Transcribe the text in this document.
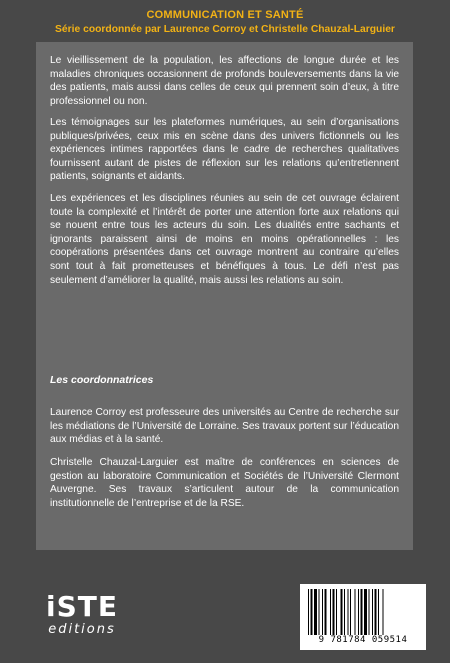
COMMUNICATION ET SANTÉ
Série coordonnée par Laurence Corroy et Christelle Chauzal-Larguier
Le vieillissement de la population, les affections de longue durée et les maladies chroniques occasionnent de profonds bouleversements dans la vie des patients, mais aussi dans celles de ceux qui prennent soin d’eux, à titre professionnel ou non.
Les témoignages sur les plateformes numériques, au sein d’organisations publiques/privées, ceux mis en scène dans des univers fictionnels ou les expériences intimes rapportées dans le cadre de recherches qualitatives fournissent autant de pistes de réflexion sur les relations qu’entretiennent patients, soignants et aidants.
Les expériences et les disciplines réunies au sein de cet ouvrage éclairent toute la complexité et l’intérêt de porter une attention forte aux relations qui se nouent entre tous les acteurs du soin. Les dualités entre sachants et ignorants paraissent ainsi de moins en moins opérationnelles : les coopérations présentées dans cet ouvrage montrent au contraire qu’elles sont tout à fait prometteuses et bénéfiques à tous. Le défi n’est pas seulement d’améliorer la qualité, mais aussi les relations au soin.
Les coordonnatrices
Laurence Corroy est professeure des universités au Centre de recherche sur les médiations de l’Université de Lorraine. Ses travaux portent sur l’éducation aux médias et à la santé.
Christelle Chauzal-Larguier est maître de conférences en sciences de gestion au laboratoire Communication et Sociétés de l’Université Clermont Auvergne. Ses travaux s’articulent autour de la communication institutionnelle de l’entreprise et de la RSE.
iSTE
editions
9 781784 059514
